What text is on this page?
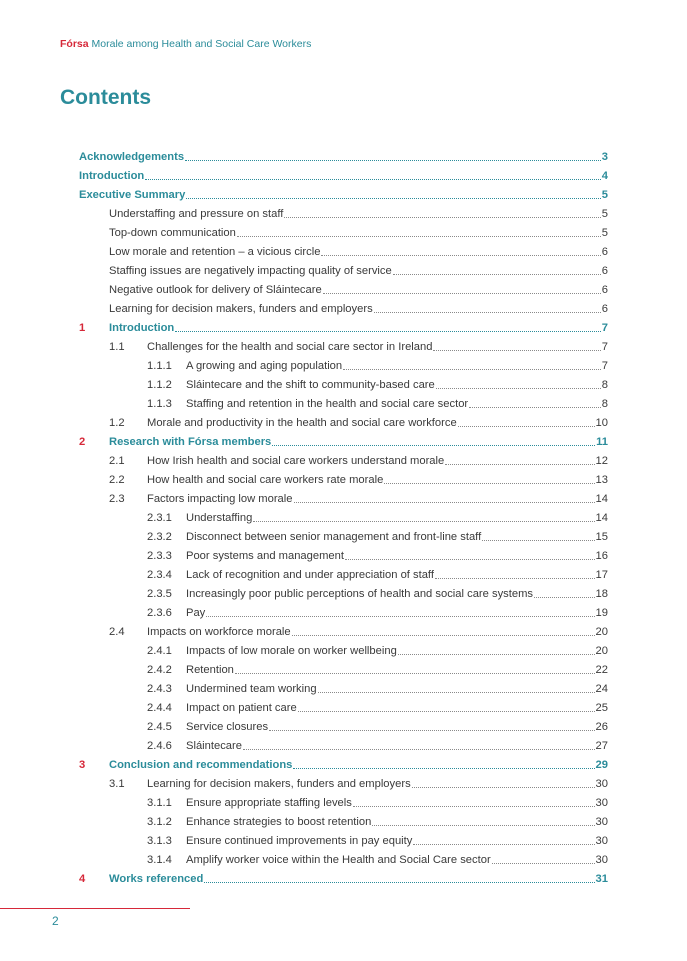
Fórsa Morale among Health and Social Care Workers
Contents
Acknowledgements	3
Introduction	4
Executive Summary	5
Understaffing and pressure on staff	5
Top-down communication	5
Low morale and retention – a vicious circle	6
Staffing issues are negatively impacting quality of service	6
Negative outlook for delivery of Sláintecare	6
Learning for decision makers, funders and employers	6
1 Introduction	7
1.1 Challenges for the health and social care sector in Ireland	7
1.1.1	A growing and aging population	7
1.1.2	Sláintecare and the shift to community-based care	8
1.1.3	Staffing and retention in the health and social care sector	8
1.2 Morale and productivity in the health and social care workforce	10
2 Research with Fórsa members	11
2.1 How Irish health and social care workers understand morale	12
2.2 How health and social care workers rate morale	13
2.3 Factors impacting low morale	14
2.3.1	Understaffing	14
2.3.2	Disconnect between senior management and front-line staff	15
2.3.3	Poor systems and management	16
2.3.4	Lack of recognition and under appreciation of staff	17
2.3.5	Increasingly poor public perceptions of health and social care systems	18
2.3.6	Pay	19
2.4 Impacts on workforce morale	20
2.4.1	Impacts of low morale on worker wellbeing	20
2.4.2	Retention	22
2.4.3	Undermined team working	24
2.4.4	Impact on patient care	25
2.4.5	Service closures	26
2.4.6	Sláintecare	27
3 Conclusion and recommendations	29
3.1 Learning for decision makers, funders and employers	30
3.1.1	Ensure appropriate staffing levels	30
3.1.2	Enhance strategies to boost retention	30
3.1.3	Ensure continued improvements in pay equity	30
3.1.4	Amplify worker voice within the Health and Social Care sector	30
4 Works referenced	31
2
